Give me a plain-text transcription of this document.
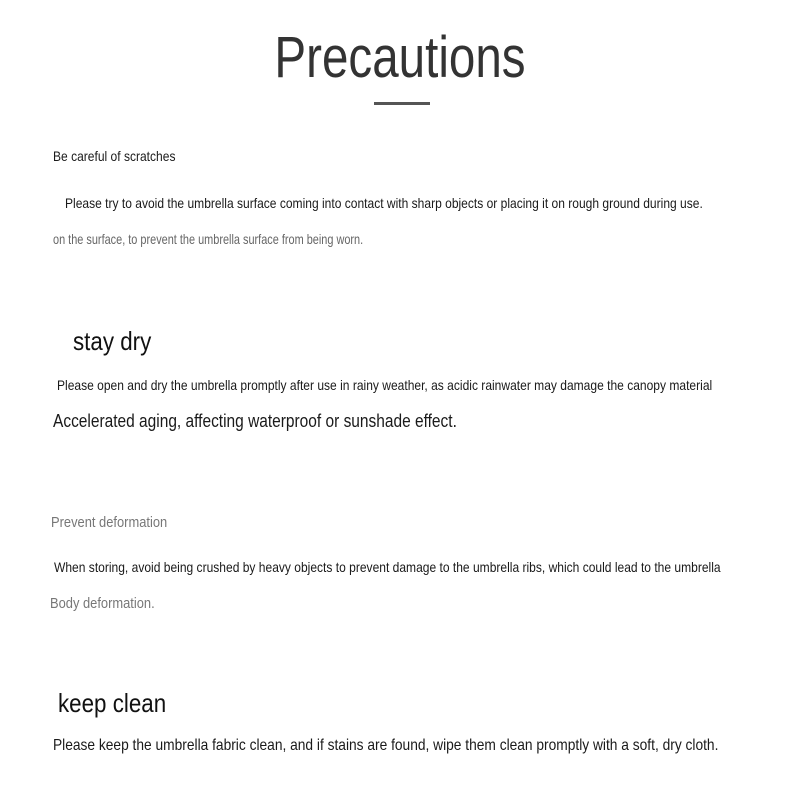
Precautions

Be careful of scratches

Please try to avoid the umbrella surface coming into contact with sharp objects or placing it on rough ground during use.

on the surface, to prevent the umbrella surface from being worn.

stay dry

Please open and dry the umbrella promptly after use in rainy weather, as acidic rainwater may damage the canopy material

Accelerated aging, affecting waterproof or sunshade effect.

Prevent deformation

When storing, avoid being crushed by heavy objects to prevent damage to the umbrella ribs, which could lead to the umbrella

Body deformation.

keep clean

Please keep the umbrella fabric clean, and if stains are found, wipe them clean promptly with a soft, dry cloth.
